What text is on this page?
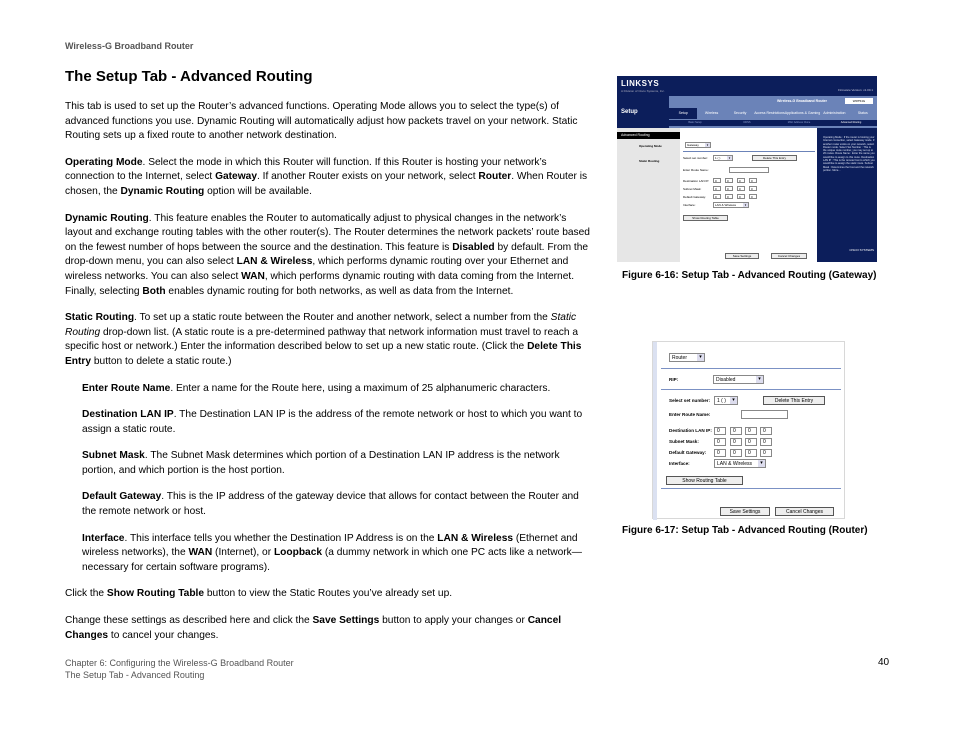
Wireless-G Broadband Router
The Setup Tab - Advanced Routing

This tab is used to set up the Router’s advanced functions. Operating Mode allows you to select the type(s) of advanced functions you use. Dynamic Routing will automatically adjust how packets travel on your network. Static Routing sets up a fixed route to another network destination.

Operating Mode. Select the mode in which this Router will function. If this Router is hosting your network’s connection to the Internet, select Gateway. If another Router exists on your network, select Router. When Router is chosen, the Dynamic Routing option will be available.

Dynamic Routing. This feature enables the Router to automatically adjust to physical changes in the network’s layout and exchange routing tables with the other router(s). The Router determines the network packets’ route based on the fewest number of hops between the source and the destination. This feature is Disabled by default. From the drop-down menu, you can also select LAN & Wireless, which performs dynamic routing over your Ethernet and wireless networks. You can also select WAN, which performs dynamic routing with data coming from the Internet. Finally, selecting Both enables dynamic routing for both networks, as well as data from the Internet.

Static Routing. To set up a static route between the Router and another network, select a number from the Static Routing drop-down list. (A static route is a pre-determined pathway that network information must travel to reach a specific host or network.) Enter the information described below to set up a new static route. (Click the Delete This Entry button to delete a static route.)

Enter Route Name. Enter a name for the Route here, using a maximum of 25 alphanumeric characters.

Destination LAN IP. The Destination LAN IP is the address of the remote network or host to which you want to assign a static route.

Subnet Mask. The Subnet Mask determines which portion of a Destination LAN IP address is the network portion, and which portion is the host portion.

Default Gateway. This is the IP address of the gateway device that allows for contact between the Router and the remote network or host.

Interface. This interface tells you whether the Destination IP Address is on the LAN & Wireless (Ethernet and wireless networks), the WAN (Internet), or Loopback (a dummy network in which one PC acts like a network—necessary for certain software programs).

Click the Show Routing Table button to view the Static Routes you’ve already set up.

Change these settings as described here and click the Save Settings button to apply your changes or Cancel Changes to cancel your changes.

LINKSYS
A Division of Cisco Systems, Inc.	Firmware Version: v1.00.1
Setup
Wireless-G Broadband Router	WRT54G
Setup	Wireless	Security	Access Restrictions Applications & Gaming Administration	Status
Basic Setup	DDNS	MAC Address Clone	Advanced Routing
Advanced Routing
Operating Mode
Static Routing
Gateway	▾
Select set number:	1 ( )	▾	Delete This Entry
Enter Route Name:
Destination LAN IP:	0	0	0	0
Subnet Mask:	0	0	0	0
Default Gateway:	0	0	0	0
Interface:	LAN & Wireless	▾
Show Routing Table
Save Settings	Cancel Changes
Operating Mode : If the router is hosting your Internet connection, select Gateway mode. If another router exists on your network, select Router mode. Select Set Number : This is the unique route number, you may set up to 20 routes. Route Name : Enter the name you would like to assign to this route. Destination LAN IP : This is the remote host to which you would like to assign the static route. Subnet Mask : Determines the host and the network portion. More...
CISCO SYSTEMS
Figure 6-16: Setup Tab - Advanced Routing (Gateway)
Router	▾
RIP:	Disabled	▾
Select set number:	1 ( )	▾	Delete This Entry
Enter Route Name:
Destination LAN IP:	0	0	0	0
Subnet Mask:	0	0	0	0
Default Gateway:	0	0	0	0
Interface:	LAN & Wireless	▾
Show Routing Table
Save Settings	Cancel Changes
Figure 6-17: Setup Tab - Advanced Routing (Router)
Chapter 6: Configuring the Wireless-G Broadband Router
The Setup Tab - Advanced Routing
40
